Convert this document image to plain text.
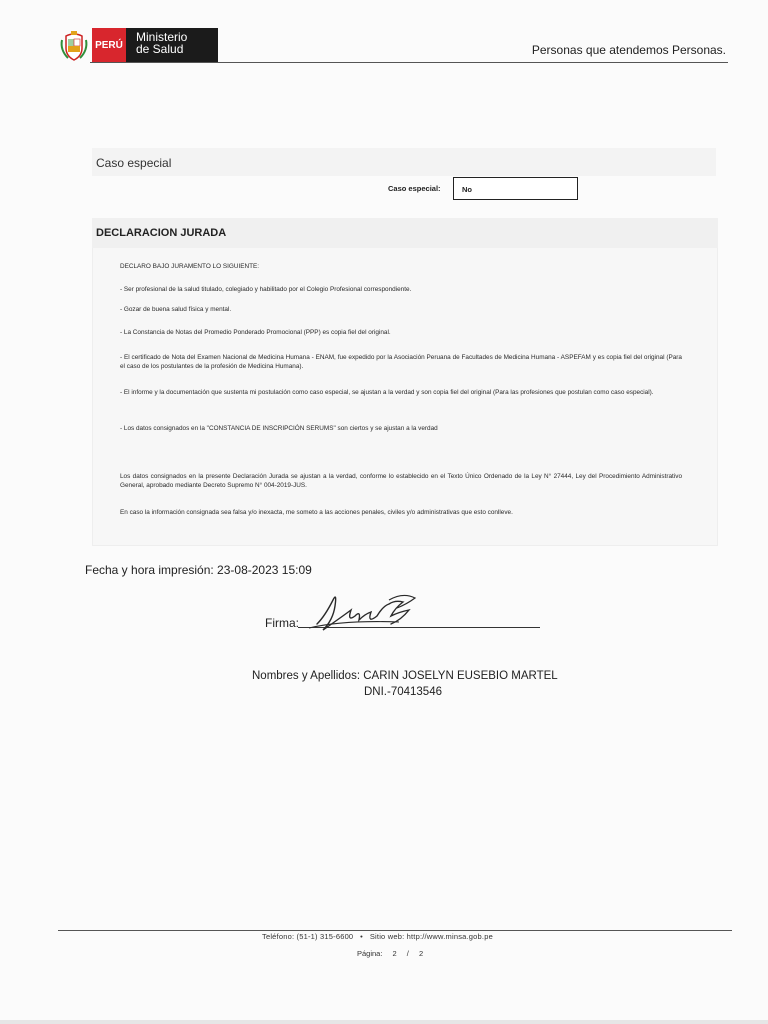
PERÚ
Ministerio
de Salud	Personas que atendemos Personas.
Caso especial
Caso especial:	No
DECLARACION JURADA
DECLARO BAJO JURAMENTO LO SIGUIENTE:
- Ser profesional de la salud titulado, colegiado y habilitado por el Colegio Profesional correspondiente.
- Gozar de buena salud física y mental.
- La Constancia de Notas del Promedio Ponderado Promocional (PPP) es copia fiel del original.
- El certificado de Nota del Examen Nacional de Medicina Humana - ENAM, fue expedido por la Asociación Peruana de Facultades de Medicina Humana - ASPEFAM y es copia fiel del original (Para el caso de los postulantes de la profesión de Medicina Humana).
- El informe y la documentación que sustenta mi postulación como caso especial, se ajustan a la verdad y son copia fiel del original (Para las profesiones que postulan como caso especial).
- Los datos consignados en la "CONSTANCIA DE INSCRIPCIÓN SERUMS" son ciertos y se ajustan a la verdad
Los datos consignados en la presente Declaración Jurada se ajustan a la verdad, conforme lo establecido en el Texto Único Ordenado de la Ley N° 27444, Ley del Procedimiento Administrativo General, aprobado mediante Decreto Supremo N° 004-2019-JUS.
En caso la información consignada sea falsa y/o inexacta, me someto a las acciones penales, civiles y/o administrativas que esto conlleve.
Fecha y hora impresión: 23-08-2023 15:09
Firma:
Nombres y Apellidos: CARIN JOSELYN EUSEBIO MARTEL
DNI.-70413546
Teléfono: (51-1) 315-6600   •   Sitio web: http://www.minsa.gob.pe
Página: 2 / 2
